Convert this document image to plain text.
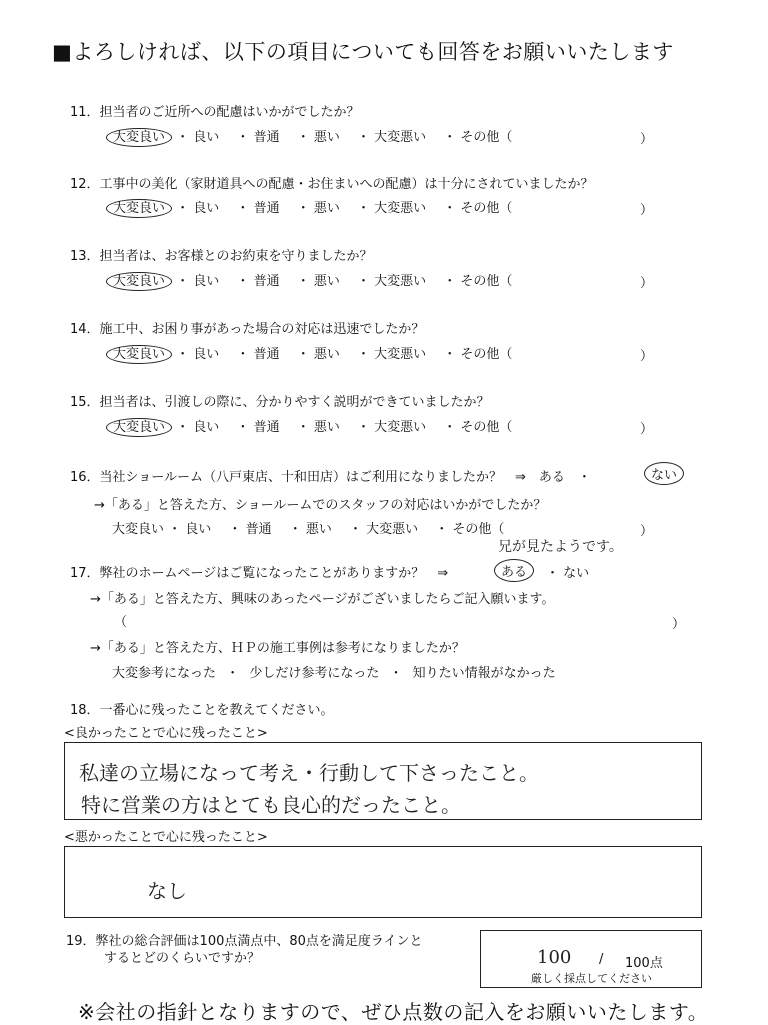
■よろしければ、以下の項目についても回答をお願いいたします
11．担当者のご近所への配慮はいかがでしたか？
大変良い ・ 良い 　・ 普通 　・ 悪い 　・ 大変悪い 　・ その他（	）
12．工事中の美化（家財道具への配慮・お住まいへの配慮）は十分にされていましたか？
大変良い ・ 良い 　・ 普通 　・ 悪い 　・ 大変悪い 　・ その他（	）
13．担当者は、お客様とのお約束を守りましたか？
大変良い ・ 良い 　・ 普通 　・ 悪い 　・ 大変悪い 　・ その他（	）
14．施工中、お困り事があった場合の対応は迅速でしたか？
大変良い ・ 良い 　・ 普通 　・ 悪い 　・ 大変悪い 　・ その他（	）
15．担当者は、引渡しの際に、分かりやすく説明ができていましたか？
大変良い ・ 良い 　・ 普通 　・ 悪い 　・ 大変悪い 　・ その他（	）
16．当社ショールーム（八戸東店、十和田店）はご利用になりましたか？　⇒　ある　・	ない
→「ある」と答えた方、ショールームでのスタッフの対応はいかがでしたか？
大変良い ・ 良い 　・ 普通 　・ 悪い 　・ 大変悪い 　・ その他（	）
兄が見たようです。
17．弊社のホームページはご覧になったことがありますか？　⇒	ある	・ ない
→「ある」と答えた方、興味のあったページがございましたらご記入願います。
（	）
→「ある」と答えた方、ＨＰの施工事例は参考になりましたか？
大変参考になった ・ 少しだけ参考になった ・ 知りたい情報がなかった
18．一番心に残ったことを教えてください。
<良かったことで心に残ったこと>
私達の立場になって考え・行動して下さったこと。
特に営業の方はとても良心的だったこと。
<悪かったことで心に残ったこと>
なし
19．弊社の総合評価は100点満点中、80点を満足度ラインと
するとどのくらいですか？	100 / 100点
厳しく採点してください
※会社の指針となりますので、ぜひ点数の記入をお願いいたします。
